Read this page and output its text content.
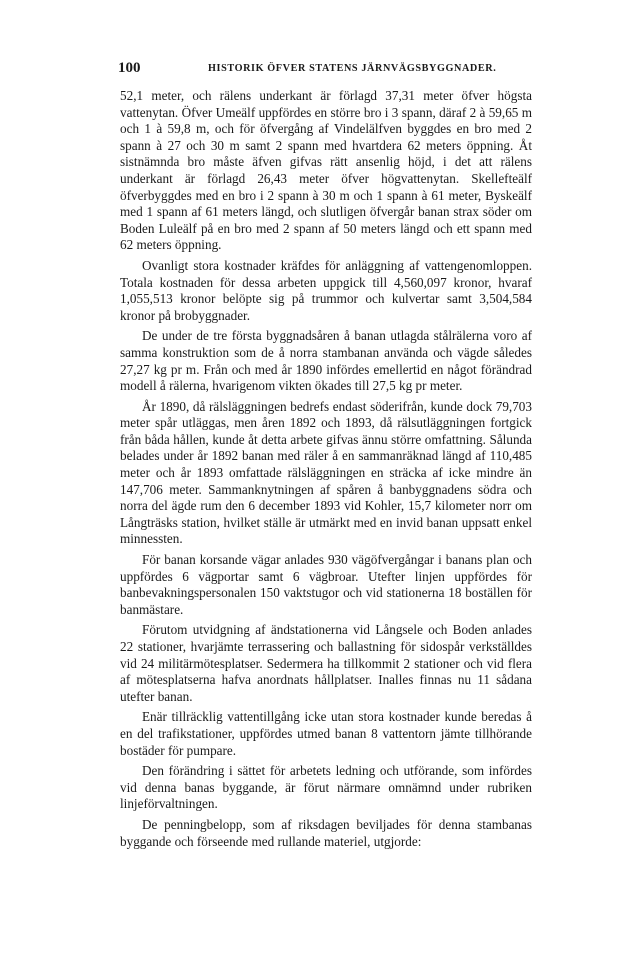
100	HISTORIK ÖFVER STATENS JÄRNVÄGSBYGGNADER.

52,1 meter, och rälens underkant är förlagd 37,31 meter öfver högsta vattenytan. Öfver Umeälf uppfördes en större bro i 3 spann, däraf 2 à 59,65 m och 1 à 59,8 m, och för öfvergång af Vindelälfven byggdes en bro med 2 spann à 27 och 30 m samt 2 spann med hvartdera 62 meters öppning. Åt sistnämnda bro måste äfven gifvas rätt ansenlig höjd, i det att rälens underkant är förlagd 26,43 meter öfver högvattenytan. Skellefteälf öfverbyggdes med en bro i 2 spann à 30 m och 1 spann à 61 meter, Byskeälf med 1 spann af 61 meters längd, och slutligen öfvergår banan strax söder om Boden Luleälf på en bro med 2 spann af 50 meters längd och ett spann med 62 meters öppning.

Ovanligt stora kostnader kräfdes för anläggning af vattengenomloppen. Totala kostnaden för dessa arbeten uppgick till 4,560,097 kronor, hvaraf 1,055,513 kronor belöpte sig på trummor och kulvertar samt 3,504,584 kronor på brobyggnader.

De under de tre första byggnadsåren å banan utlagda stålrälerna voro af samma konstruktion som de å norra stambanan använda och vägde således 27,27 kg pr m. Från och med år 1890 infördes emellertid en något förändrad modell å rälerna, hvarigenom vikten ökades till 27,5 kg pr meter.

År 1890, då rälsläggningen bedrefs endast söderifrån, kunde dock 79,703 meter spår utläggas, men åren 1892 och 1893, då rälsutläggningen fortgick från båda hållen, kunde åt detta arbete gifvas ännu större omfattning. Sålunda belades under år 1892 banan med räler å en sammanräknad längd af 110,485 meter och år 1893 omfattade rälsläggningen en sträcka af icke mindre än 147,706 meter. Sammanknytningen af spåren å banbyggnadens södra och norra del ägde rum den 6 december 1893 vid Kohler, 15,7 kilometer norr om Långträsks station, hvilket ställe är utmärkt med en invid banan uppsatt enkel minnessten.

För banan korsande vägar anlades 930 vägöfvergångar i banans plan och uppfördes 6 vägportar samt 6 vägbroar. Utefter linjen uppfördes för banbevakningspersonalen 150 vaktstugor och vid stationerna 18 boställen för banmästare.

Förutom utvidgning af ändstationerna vid Långsele och Boden anlades 22 stationer, hvarjämte terrassering och ballastning för sidospår verkställdes vid 24 militärmötesplatser. Sedermera ha tillkommit 2 stationer och vid flera af mötesplatserna hafva anordnats hållplatser. Inalles finnas nu 11 sådana utefter banan.

Enär tillräcklig vattentillgång icke utan stora kostnader kunde beredas å en del trafikstationer, uppfördes utmed banan 8 vattentorn jämte tillhörande bostäder för pumpare.

Den förändring i sättet för arbetets ledning och utförande, som infördes vid denna banas byggande, är förut närmare omnämnd under rubriken linjeförvaltningen.

De penningbelopp, som af riksdagen beviljades för denna stambanas byggande och förseende med rullande materiel, utgjorde:
